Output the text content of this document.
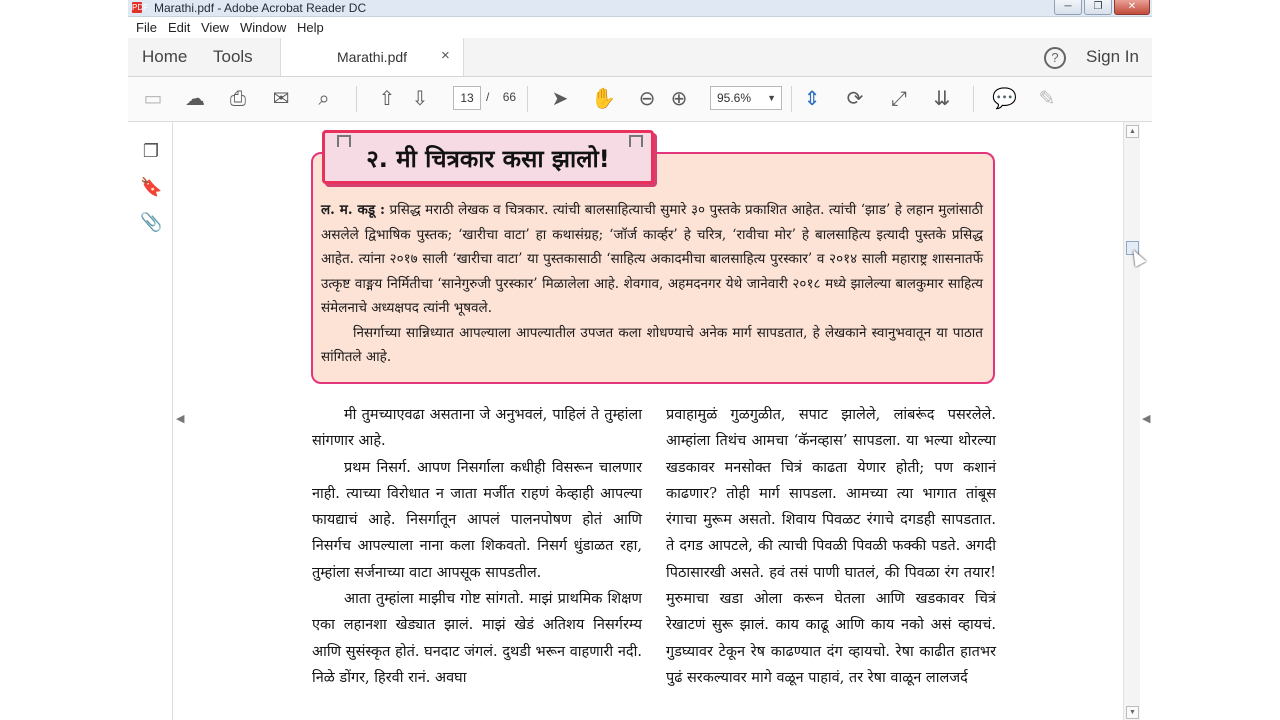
PDF Marathi.pdf - Adobe Acrobat Reader DC	─	❐	✕
File Edit View Window Help
Home Tools	Marathi.pdf ×	?	Sign In
▭ ☁ ⎙ ✉	⌕	⇧ ⇩	➤ ✋ ⊖ ⊕	⇕ ⟳ ⤢ ⇊ 💬 ✎
13	/ 66	95.6% ▼
❐
🔖
📎
◀
ल. म. कडू : प्रसिद्ध मराठी लेखक व चित्रकार. त्यांची बालसाहित्याची सुमारे ३० पुस्तके प्रकाशित आहेत. त्यांची ‘झाड’ हे लहान मुलांसाठी असलेले द्विभाषिक पुस्तक; ‘खारीचा वाटा’ हा कथासंग्रह; ‘जॉर्ज कार्व्हर’ हे चरित्र, ‘रावीचा मोर’ हे बालसाहित्य इत्यादी पुस्तके प्रसिद्ध आहेत. त्यांना २०१७ साली ‘खारीचा वाटा’ या पुस्तकासाठी ‘साहित्य अकादमीचा बालसाहित्य पुरस्कार’ व २०१४ साली महाराष्ट्र शासनातर्फे उत्कृष्ट वाङ्मय निर्मितीचा ‘सानेगुरुजी पुरस्कार’ मिळालेला आहे. शेवगाव, अहमदनगर येथे जानेवारी २०१८ मध्ये झालेल्या बालकुमार साहित्य संमेलनाचे अध्यक्षपद त्यांनी भूषवले.
निसर्गाच्या सान्निध्यात आपल्याला आपल्यातील उपजत कला शोधण्याचे अनेक मार्ग सापडतात, हे लेखकाने स्वानुभवातून या पाठात सांगितले आहे.
२. मी चित्रकार कसा झालो!

मी तुमच्याएवढा असताना जे अनुभवलं, पाहिलं ते तुम्हांला सांगणार आहे.

प्रथम निसर्ग. आपण निसर्गाला कधीही विसरून चालणार नाही. त्याच्या विरोधात न जाता मर्जीत राहणं केव्हाही आपल्या फायद्याचं आहे. निसर्गातून आपलं पालनपोषण होतं आणि निसर्गच आपल्याला नाना कला शिकवतो. निसर्ग धुंडाळत रहा, तुम्हांला सर्जनाच्या वाटा आपसूक सापडतील.

आता तुम्हांला माझीच गोष्ट सांगतो. माझं प्राथमिक शिक्षण एका लहानशा खेड्यात झालं. माझं खेडं अतिशय निसर्गरम्य आणि सुसंस्कृत होतं. घनदाट जंगलं. दुथडी भरून वाहणारी नदी. निळे डोंगर, हिरवी रानं. अवघा

प्रवाहामुळं गुळगुळीत, सपाट झालेले, लांबरूंद पसरलेले. आम्हांला तिथंच आमचा ‘कॅनव्हास’ सापडला. या भल्या थोरल्या खडकावर मनसोक्त चित्रं काढता येणार होती; पण कशानं काढणार? तोही मार्ग सापडला. आमच्या त्या भागात तांबूस रंगाचा मुरूम असतो. शिवाय पिवळट रंगाचे दगडही सापडतात. ते दगड आपटले, की त्याची पिवळी पिवळी फक्की पडते. अगदी पिठासारखी असते. हवं तसं पाणी घातलं, की पिवळा रंग तयार! मुरुमाचा खडा ओला करून घेतला आणि खडकावर चित्रं रेखाटणं सुरू झालं. काय काढू आणि काय नको असं व्हायचं. गुडघ्यावर टेकून रेष काढण्यात दंग व्हायचो. रेषा काढीत हातभर पुढं सरकल्यावर मागे वळून पाहावं, तर रेषा वाळून लालजर्द

▲
▼
◀
